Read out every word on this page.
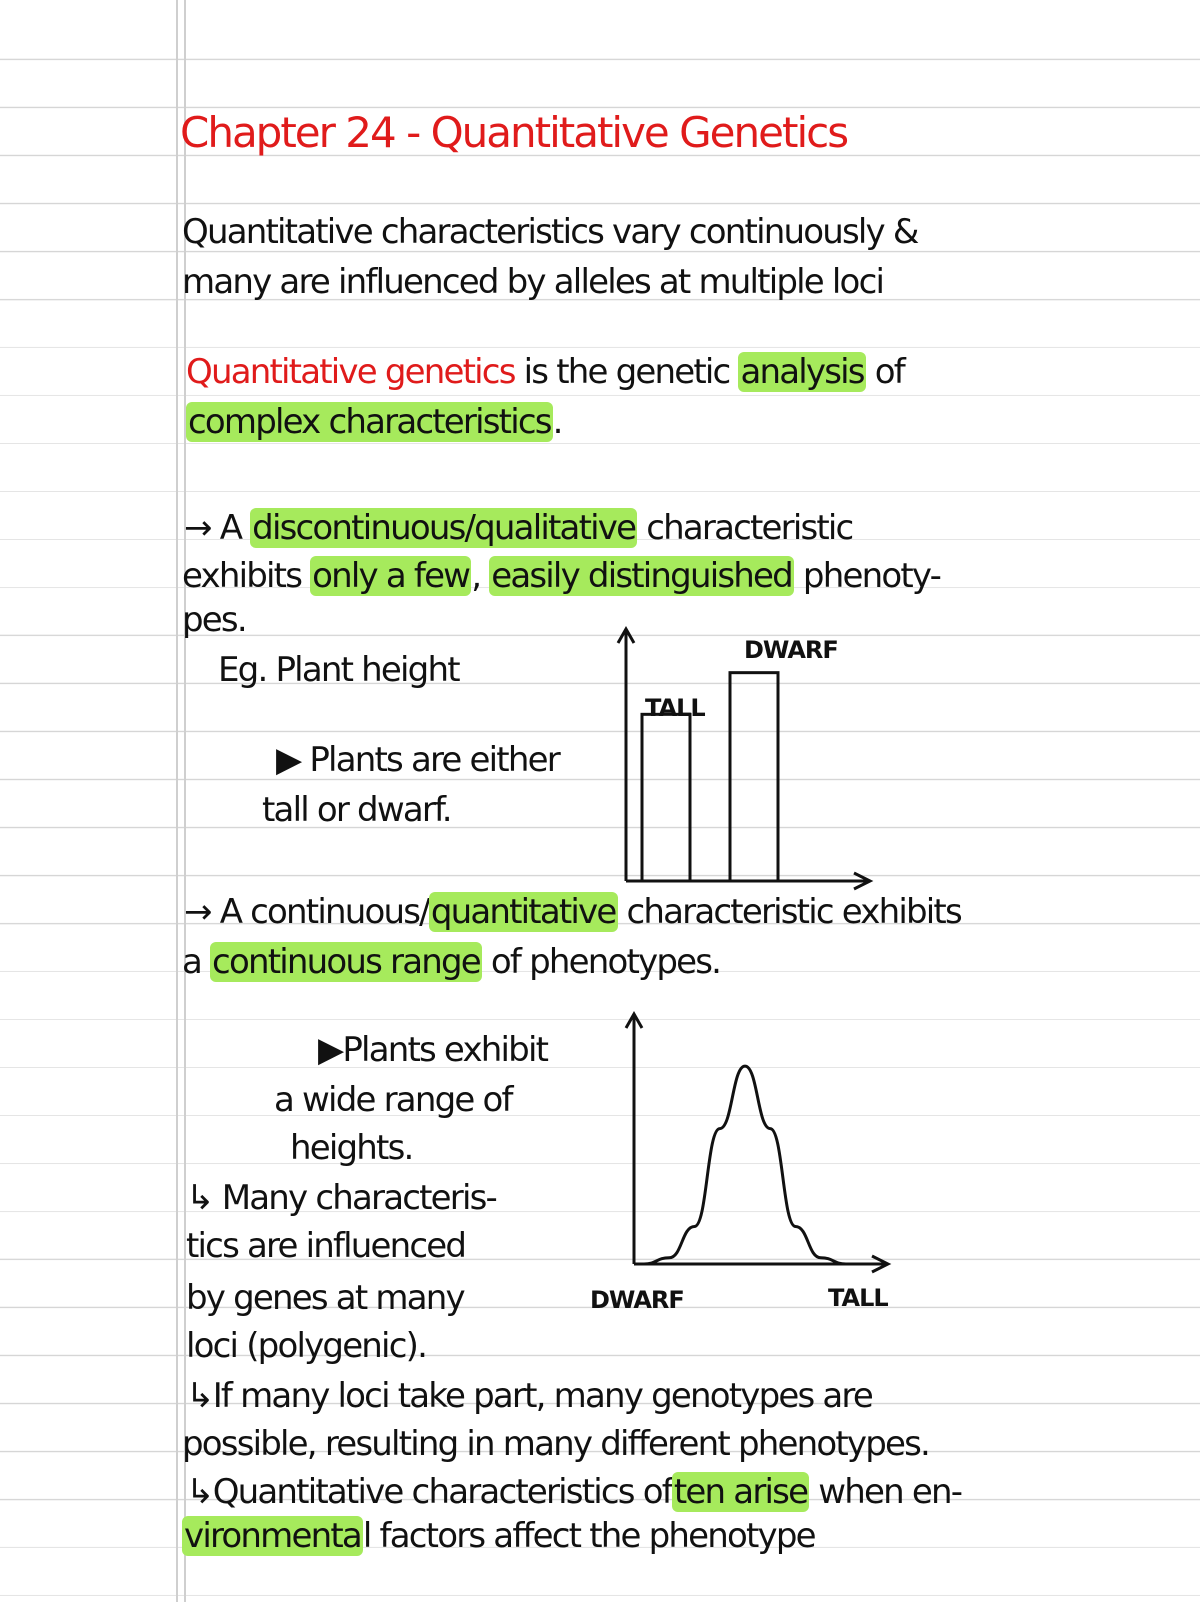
Chapter 24 - Quantitative Genetics
Quantitative characteristics vary continuously &
many are influenced by alleles at multiple loci
Quantitative genetics is the genetic analysis of
complex characteristics.
→ A discontinuous/qualitative characteristic
exhibits only a few, easily distinguished phenoty-
pes.
Eg. Plant height
▶ Plants are either
tall or dwarf.
TALL
DWARF
→ A continuous/quantitative characteristic exhibits
a continuous range of phenotypes.
▶Plants exhibit
a wide range of
heights.
DWARF	TALL
↳ Many characteris-
tics are influenced
by genes at many
loci (polygenic).
↳If many loci take part, many genotypes are
possible, resulting in many different phenotypes.
↳Quantitative characteristics often arise when en-
vironmental factors affect the phenotype
